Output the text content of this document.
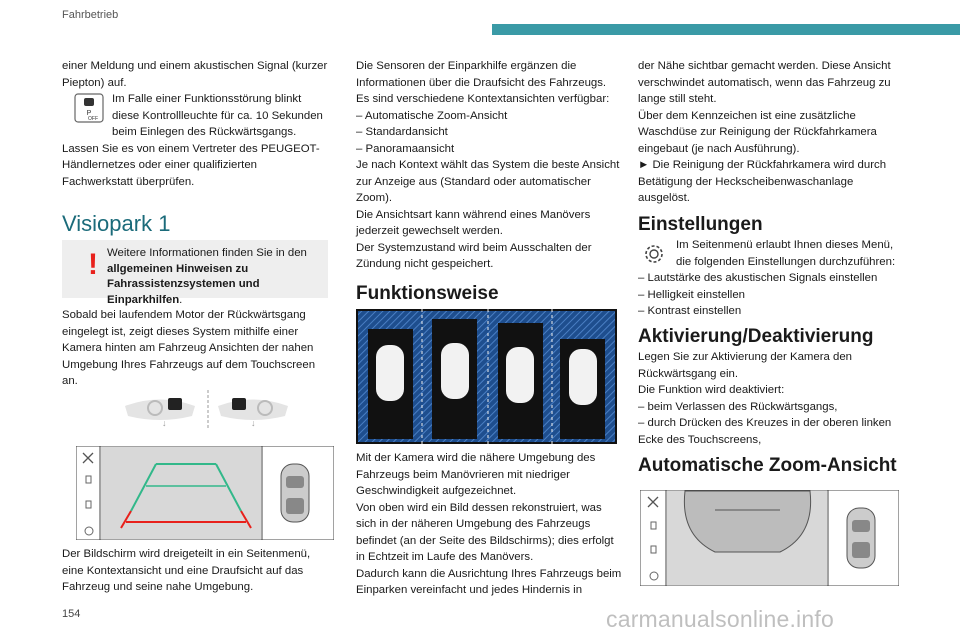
Fahrbetrieb

einer Meldung und einem akustischen Signal (kurzer Piepton) auf.

Im Falle einer Funktionsstörung blinkt diese Kontrollleuchte für ca. 10 Sekunden beim Einlegen des Rückwärtsgangs.

Lassen Sie es von einem Vertreter des PEUGEOT-Händlernetzes oder einer qualifizierten Fachwerkstatt überprüfen.

Visiopark 1
P
OFF
! Weitere Informationen finden Sie in den allgemeinen Hinweisen zu Fahrassistenzsystemen und Einparkhilfen.

Sobald bei laufendem Motor der Rückwärtsgang eingelegt ist, zeigt dieses System mithilfe einer Kamera hinten am Fahrzeug Ansichten der nahen Umgebung Ihres Fahrzeugs auf dem Touchscreen an.

↓	↓

Der Bildschirm wird dreigeteilt in ein Seitenmenü, eine Kontextansicht und eine Draufsicht auf das Fahrzeug und seine nahe Umgebung.

Die Sensoren der Einparkhilfe ergänzen die Informationen über die Draufsicht des Fahrzeugs.

Es sind verschiedene Kontextansichten verfügbar:

– Automatische Zoom-Ansicht
– Standardansicht
– Panoramaansicht

Je nach Kontext wählt das System die beste Ansicht zur Anzeige aus (Standard oder automatischer Zoom).

Die Ansichtsart kann während eines Manövers jederzeit gewechselt werden.

Der Systemzustand wird beim Ausschalten der Zündung nicht gespeichert.

Funktionsweise

Mit der Kamera wird die nähere Umgebung des Fahrzeugs beim Manövrieren mit niedriger Geschwindigkeit aufgezeichnet.

Von oben wird ein Bild dessen rekonstruiert, was sich in der näheren Umgebung des Fahrzeugs befindet (an der Seite des Bildschirms); dies erfolgt in Echtzeit im Laufe des Manövers.

Dadurch kann die Ausrichtung Ihres Fahrzeugs beim Einparken vereinfacht und jedes Hindernis in

der Nähe sichtbar gemacht werden. Diese Ansicht verschwindet automatisch, wenn das Fahrzeug zu lange still steht.

Über dem Kennzeichen ist eine zusätzliche Waschdüse zur Reinigung der Rückfahrkamera eingebaut (je nach Ausführung).

► Die Reinigung der Rückfahrkamera wird durch Betätigung der Heckscheibenwaschanlage ausgelöst.

Einstellungen

Im Seitenmenü erlaubt Ihnen dieses Menü, die folgenden Einstellungen durchzuführen:

– Lautstärke des akustischen Signals einstellen
– Helligkeit einstellen
– Kontrast einstellen
Aktivierung/Deaktivierung

Legen Sie zur Aktivierung der Kamera den Rückwärtsgang ein.

Die Funktion wird deaktiviert:

– beim Verlassen des Rückwärtsgangs,
– durch Drücken des Kreuzes in der oberen linken Ecke des Touchscreens,
Automatische Zoom-Ansicht
154	carmanualsonline.info
